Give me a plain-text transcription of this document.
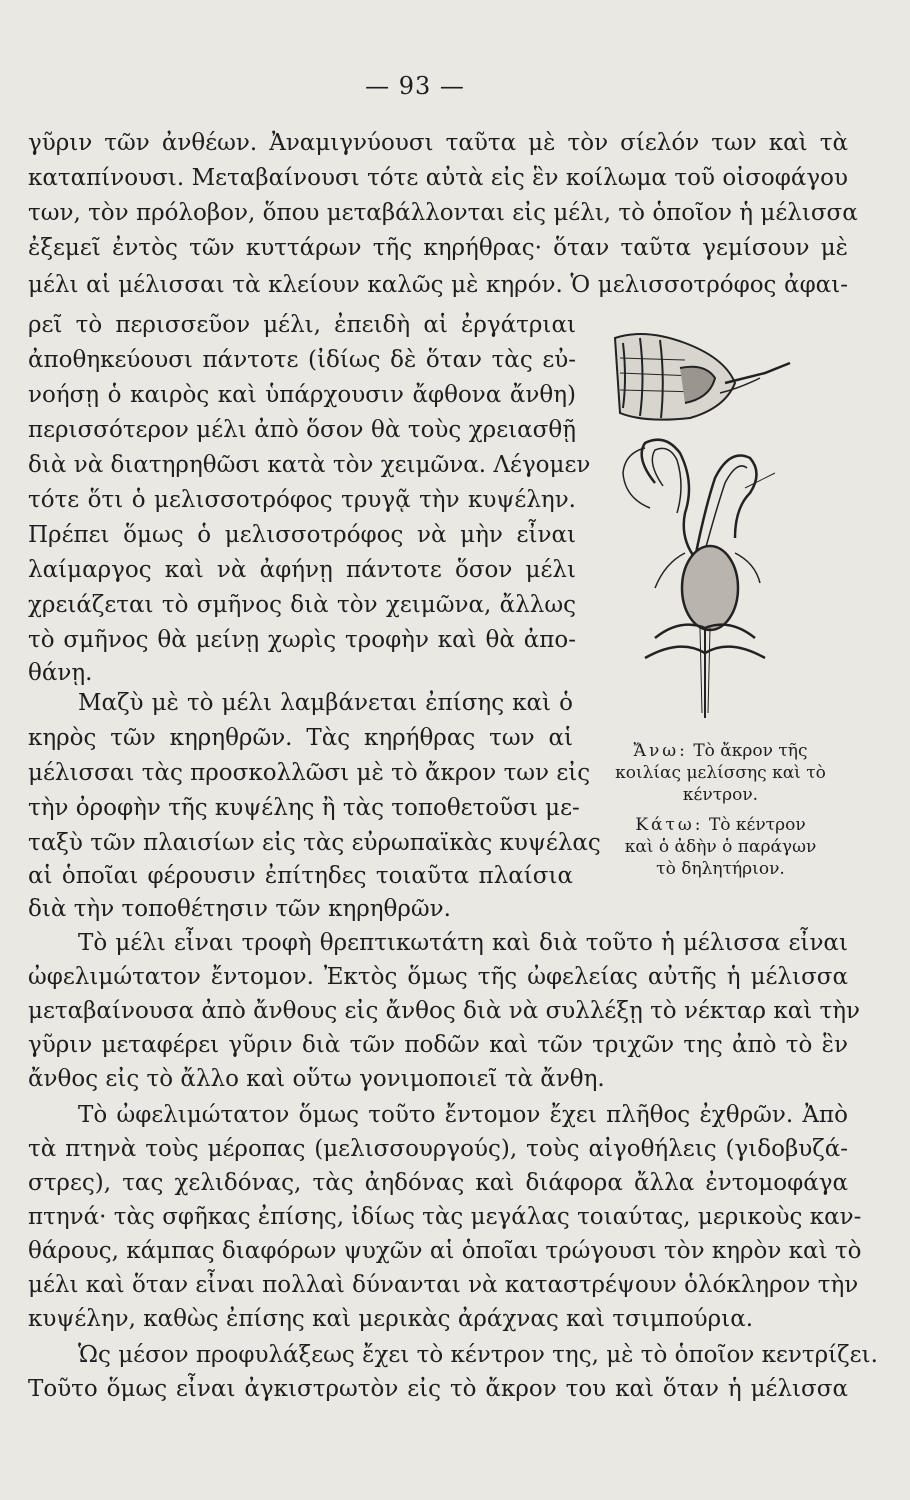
— 93 —
γῦριν τῶν ἀνθέων. Ἀναμιγνύουσι ταῦτα μὲ τὸν σίελόν των καὶ τὰ
καταπίνουσι. Μεταβαίνουσι τότε αὐτὰ εἰς ἓν κοίλωμα τοῦ οἰσοφάγου
των, τὸν πρόλοβον, ὅπου μεταβάλλονται εἰς μέλι, τὸ ὁποῖον ἡ μέλισσα
ἐξεμεῖ ἐντὸς τῶν κυττάρων τῆς κηρήθρας· ὅταν ταῦτα γεμίσουν μὲ
μέλι αἱ μέλισσαι τὰ κλείουν καλῶς μὲ κηρόν. Ὁ μελισσοτρόφος ἀφαι-
ρεῖ τὸ περισσεῦον μέλι, ἐπειδὴ αἱ ἐργάτριαι
ἀποθηκεύουσι πάντοτε (ἰδίως δὲ ὅταν τὰς εὐ-
νοήσῃ ὁ καιρὸς καὶ ὑπάρχουσιν ἄφθονα ἄνθη)
περισσότερον μέλι ἀπὸ ὅσον θὰ τοὺς χρειασθῇ
διὰ νὰ διατηρηθῶσι κατὰ τὸν χειμῶνα. Λέγομεν
τότε ὅτι ὁ μελισσοτρόφος τρυγᾷ τὴν κυψέλην.
Πρέπει ὅμως ὁ μελισσοτρόφος νὰ μὴν εἶναι
λαίμαργος καὶ νὰ ἀφήνῃ πάντοτε ὅσον μέλι
χρειάζεται τὸ σμῆνος διὰ τὸν χειμῶνα, ἄλλως
τὸ σμῆνος θὰ μείνῃ χωρὶς τροφὴν καὶ θὰ ἀπο-
θάνῃ.
Μαζὺ μὲ τὸ μέλι λαμβάνεται ἐπίσης καὶ ὁ
κηρὸς τῶν κηρηθρῶν. Τὰς κηρήθρας των αἱ
μέλισσαι τὰς προσκολλῶσι μὲ τὸ ἄκρον των εἰς
τὴν ὀροφὴν τῆς κυψέλης ἢ τὰς τοποθετοῦσι με-
ταξὺ τῶν πλαισίων εἰς τὰς εὐρωπαϊκὰς κυψέλας
αἱ ὁποῖαι φέρουσιν ἐπίτηδες τοιαῦτα πλαίσια
διὰ τὴν τοποθέτησιν τῶν κηρηθρῶν.
Ἄνω: Τὸ ἄκρον τῆς
κοιλίας μελίσσης καὶ τὸ
κέντρον.
Κάτω: Τὸ κέντρον
καὶ ὁ ἀδὴν ὁ παράγων
τὸ δηλητήριον.
Τὸ μέλι εἶναι τροφὴ θρεπτικωτάτη καὶ διὰ τοῦτο ἡ μέλισσα εἶναι
ὠφελιμώτατον ἔντομον. Ἐκτὸς ὅμως τῆς ὠφελείας αὐτῆς ἡ μέλισσα
μεταβαίνουσα ἀπὸ ἄνθους εἰς ἄνθος διὰ νὰ συλλέξῃ τὸ νέκταρ καὶ τὴν
γῦριν μεταφέρει γῦριν διὰ τῶν ποδῶν καὶ τῶν τριχῶν της ἀπὸ τὸ ἓν
ἄνθος εἰς τὸ ἄλλο καὶ οὕτω γονιμοποιεῖ τὰ ἄνθη.
Τὸ ὠφελιμώτατον ὅμως τοῦτο ἔντομον ἔχει πλῆθος ἐχθρῶν. Ἀπὸ
τὰ πτηνὰ τοὺς μέροπας (μελισσουργούς), τοὺς αἰγοθήλεις (γιδοβυζά-
στρες), τας χελιδόνας, τὰς ἀηδόνας καὶ διάφορα ἄλλα ἐντομοφάγα
πτηνά· τὰς σφῆκας ἐπίσης, ἰδίως τὰς μεγάλας τοιαύτας, μερικοὺς καν-
θάρους, κάμπας διαφόρων ψυχῶν αἱ ὁποῖαι τρώγουσι τὸν κηρὸν καὶ τὸ
μέλι καὶ ὅταν εἶναι πολλαὶ δύνανται νὰ καταστρέψουν ὁλόκληρον τὴν
κυψέλην, καθὼς ἐπίσης καὶ μερικὰς ἀράχνας καὶ τσιμπούρια.
Ὡς μέσον προφυλάξεως ἔχει τὸ κέντρον της, μὲ τὸ ὁποῖον κεντρίζει.
Τοῦτο ὅμως εἶναι ἀγκιστρωτὸν εἰς τὸ ἄκρον του καὶ ὅταν ἡ μέλισσα
